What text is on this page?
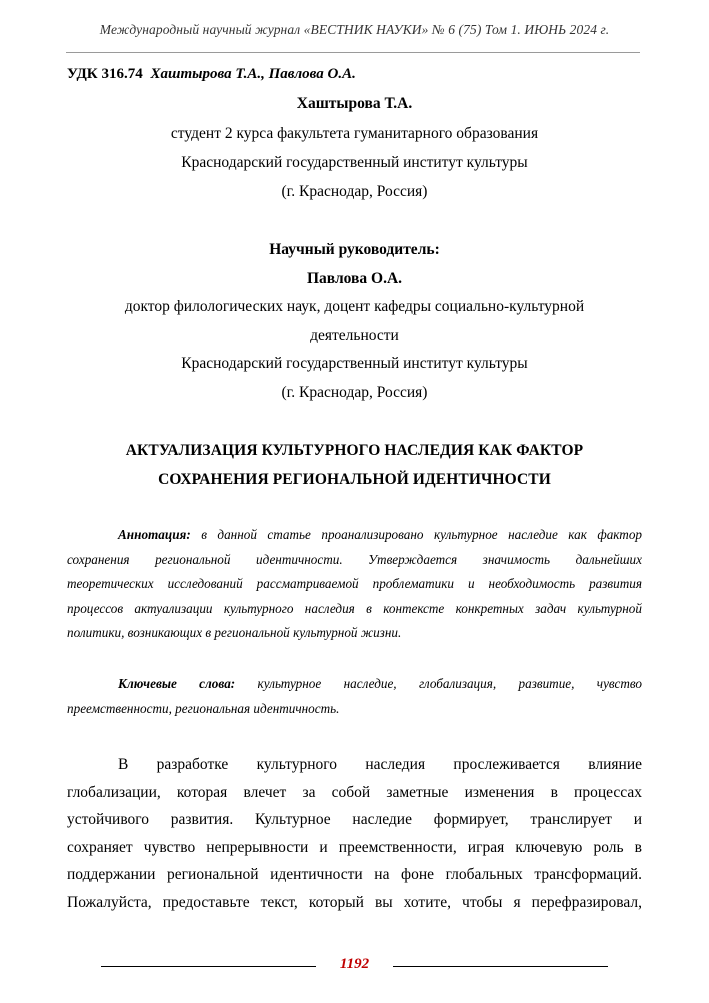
Международный научный журнал «ВЕСТНИК НАУКИ» № 6 (75) Том 1. ИЮНЬ 2024 г.
УДК 316.74 Хаштырова Т.А., Павлова О.А.
Хаштырова Т.А.
студент 2 курса факультета гуманитарного образования
Краснодарский государственный институт культуры
(г. Краснодар, Россия)
Научный руководитель:
Павлова О.А.
доктор филологических наук, доцент кафедры социально-культурной
деятельности
Краснодарский государственный институт культуры
(г. Краснодар, Россия)
АКТУАЛИЗАЦИЯ КУЛЬТУРНОГО НАСЛЕДИЯ КАК ФАКТОР
СОХРАНЕНИЯ РЕГИОНАЛЬНОЙ ИДЕНТИЧНОСТИ
Аннотация: в данной статье проанализировано культурное наследие как фактор
сохранения региональной идентичности. Утверждается значимость дальнейших
теоретических исследований рассматриваемой проблематики и необходимость развития
процессов актуализации культурного наследия в контексте конкретных задач культурной
политики, возникающих в региональной культурной жизни.
Ключевые слова: культурное наследие, глобализация, развитие, чувство
преемственности, региональная идентичность.
В разработке культурного наследия прослеживается влияние
глобализации, которая влечет за собой заметные изменения в процессах
устойчивого развития. Культурное наследие формирует, транслирует и
сохраняет чувство непрерывности и преемственности, играя ключевую роль в
поддержании региональной идентичности на фоне глобальных трансформаций.
Пожалуйста, предоставьте текст, который вы хотите, чтобы я перефразировал,
1192
